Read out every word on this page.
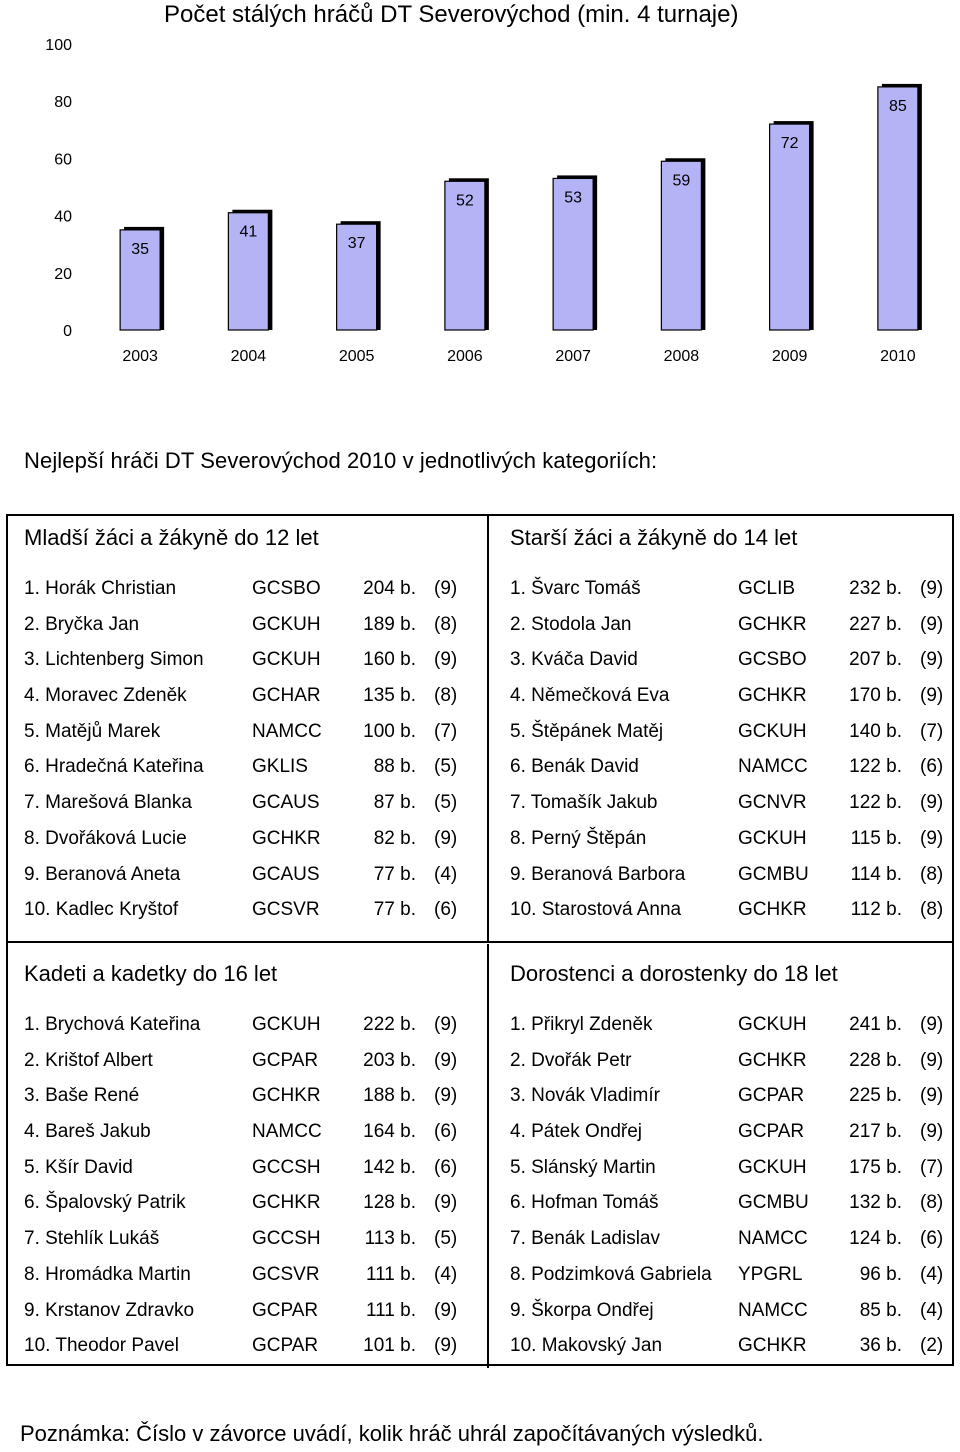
Počet stálých hráčů DT Severovýchod (min. 4 turnaje)
0
20
40
60
80
100
35
41
37
52	53
59
72
85
2003	2004	2005	2006	2007	2008	2009	2010
Nejlepší hráči DT Severovýchod 2010 v jednotlivých kategoriích:
Mladší žáci a žákyně do 12 let
1. Horák Christian	GCSBO	204 b. (9)
2. Bryčka Jan	GCKUH	189 b. (8)
3. Lichtenberg Simon	GCKUH	160 b. (9)
4. Moravec Zdeněk	GCHAR	135 b. (8)
5. Matějů Marek	NAMCC	100 b. (7)
6. Hradečná Kateřina	GKLIS	88 b. (5)
7. Marešová Blanka	GCAUS	87 b. (5)
8. Dvořáková Lucie	GCHKR	82 b. (9)
9. Beranová Aneta	GCAUS	77 b. (4)
10. Kadlec Kryštof	GCSVR	77 b. (6)
Starší žáci a žákyně do 14 let
1. Švarc Tomáš	GCLIB	232 b. (9)
2. Stodola Jan	GCHKR	227 b. (9)
3. Kváča David	GCSBO	207 b. (9)
4. Němečková Eva	GCHKR	170 b. (9)
5. Štěpánek Matěj	GCKUH	140 b. (7)
6. Benák David	NAMCC	122 b. (6)
7. Tomašík Jakub	GCNVR	122 b. (9)
8. Perný Štěpán	GCKUH	115 b. (9)
9. Beranová Barbora	GCMBU	114 b. (8)
10. Starostová Anna	GCHKR	112 b. (8)
Kadeti a kadetky do 16 let
1. Brychová Kateřina	GCKUH	222 b. (9)
2. Krištof Albert	GCPAR	203 b. (9)
3. Baše René	GCHKR	188 b. (9)
4. Bareš Jakub	NAMCC	164 b. (6)
5. Kšír David	GCCSH	142 b. (6)
6. Špalovský Patrik	GCHKR	128 b. (9)
7. Stehlík Lukáš	GCCSH	113 b. (5)
8. Hromádka Martin	GCSVR	111 b. (4)
9. Krstanov Zdravko	GCPAR	111 b. (9)
10. Theodor Pavel	GCPAR	101 b. (9)
Dorostenci a dorostenky do 18 let
1. Přikryl Zdeněk	GCKUH	241 b. (9)
2. Dvořák Petr	GCHKR	228 b. (9)
3. Novák Vladimír	GCPAR	225 b. (9)
4. Pátek Ondřej	GCPAR	217 b. (9)
5. Slánský Martin	GCKUH	175 b. (7)
6. Hofman Tomáš	GCMBU	132 b. (8)
7. Benák Ladislav	NAMCC	124 b. (6)
8. Podzimková Gabriela YPGRL	96 b. (4)
9. Škorpa Ondřej	NAMCC	85 b. (4)
10. Makovský Jan	GCHKR	36 b. (2)

Poznámka: Číslo v závorce uvádí, kolik hráč uhrál započítávaných výsledků.
